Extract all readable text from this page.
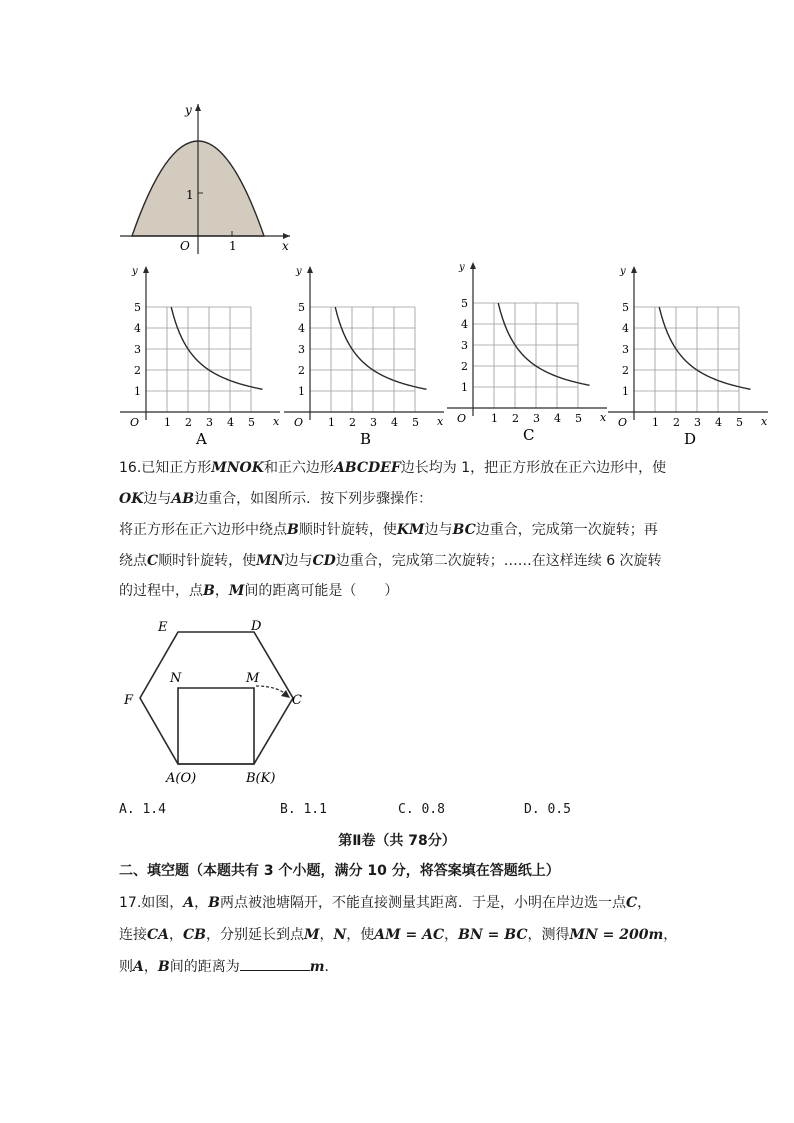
y
x
O
1
1
1 2 3 4 5
1
2
3
4
5
O	x
y
A
1 2 3 4 5
1
2
3
4
5
O	x
y
B
1 2 3 4 5
1
2
3
4
5
O	x
y
C
1 2 3 4 5
1
2
3
4
5
O	x
y
D
16.已知正方形MNOK和正六边形ABCDEF边长均为 1，把正方形放在正六边形中，使
OK边与AB边重合，如图所示．按下列步骤操作：
将正方形在正六边形中绕点B顺时针旋转，使KM边与BC边重合，完成第一次旋转；再
绕点C顺时针旋转，使MN边与CD边重合，完成第二次旋转；……在这样连续 6 次旋转
的过程中，点B，M间的距离可能是（　　）
E	D
F	C
N	M
A(O)	B(K)
A. 1.4	B. 1.1	C. 0.8	D. 0.5
第Ⅱ卷（共 78分）
二、填空题（本题共有 3 个小题，满分 10 分，将答案填在答题纸上）
17.如图，A，B两点被池塘隔开，不能直接测量其距离．于是，小明在岸边选一点C，
连接CA，CB，分别延长到点M，N，使AM = AC，BN = BC，测得MN = 200m，
则A，B间的距离为	m．
